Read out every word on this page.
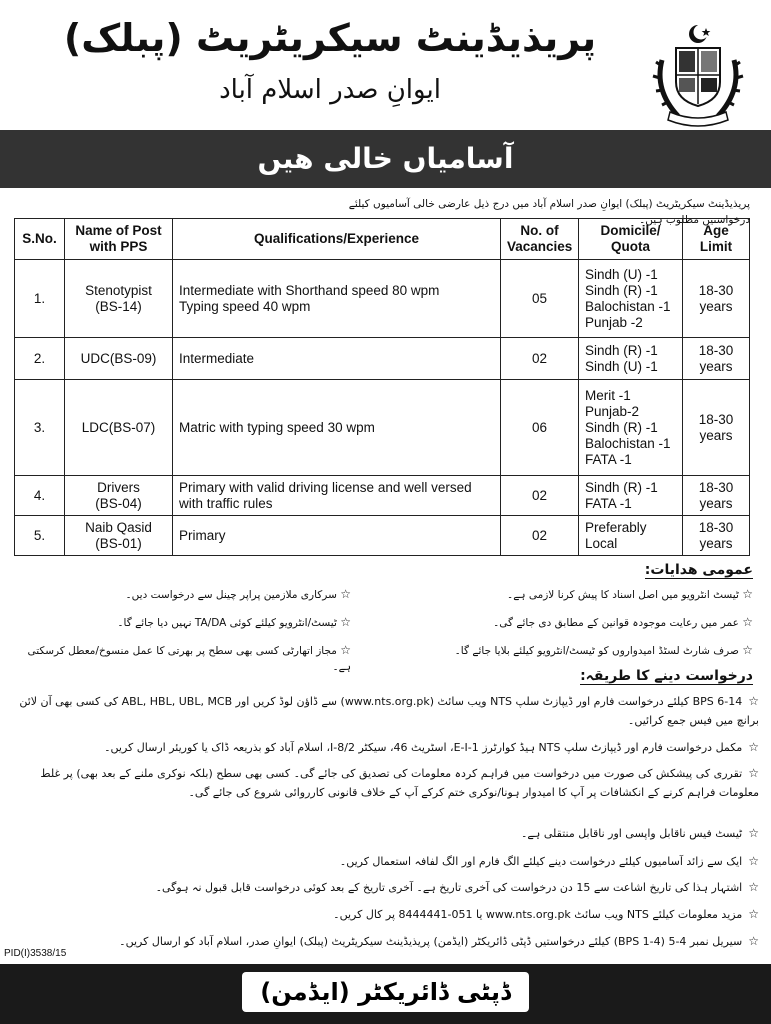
پریذیڈینٹ سیکریٹریٹ (پبلک)
ایوانِ صدر اسلام آباد
آسامیاں خالی ھیں
پریذیڈینٹ سیکریٹریٹ (پبلک) ایوانِ صدر اسلام آباد میں درج ذیل عارضی خالی آسامیوں کیلئے درخواستیں مطلوب ہیں۔
S.No.	Name of Post with PPS	Qualifications/Experience	No. of Vacancies	Domicile/ Quota	Age Limit
1.	Stenotypist
(BS-14)	Intermediate with Shorthand speed 80 wpm
Typing speed 40 wpm	05	Sindh (U) -1
Sindh (R) -1
Balochistan -1
Punjab -2	18-30
years
2.	UDC(BS-09)	Intermediate	02	Sindh (R) -1
Sindh (U) -1	18-30
years
3.	LDC(BS-07)	Matric with typing speed 30 wpm	06	Merit -1
Punjab-2
Sindh (R) -1
Balochistan -1
FATA -1	18-30
years
4.	Drivers
(BS-04)	Primary with valid driving license and well versed
with traffic rules	02	Sindh (R) -1
FATA -1	18-30
years
5.	Naib Qasid
(BS-01)	Primary	02	Preferably
Local	18-30
years
عمومی ھدایات:
☆ ٹیسٹ انٹرویو میں اصل اسناد کا پیش کرنا لازمی ہے۔
☆ سرکاری ملازمین پراپر چینل سے درخواست دیں۔
☆ عمر میں رعایت موجودہ قوانین کے مطابق دی جائے گی۔
☆ ٹیسٹ/انٹرویو کیلئے کوئی TA/DA نہیں دیا جائے گا۔
☆ صرف شارٹ لسٹڈ امیدواروں کو ٹیسٹ/انٹرویو کیلئے بلایا جائے گا۔
☆ مجاز اتھارٹی کسی بھی سطح پر بھرتی کا عمل منسوخ/معطل کرسکتی ہے۔
درخواست دینے کا طریقہ:
☆BPS 6-14 کیلئے درخواست فارم اور ڈیپازٹ سلپ NTS ویب سائٹ (www.nts.org.pk) سے ڈاؤن لوڈ کریں اور ABL, HBL, UBL, MCB کی کسی بھی آن لائن برانچ میں فیس جمع کرائیں۔
☆مکمل درخواست فارم اور ڈیپازٹ سلپ NTS ہیڈ کوارٹرز 1-E-I، اسٹریٹ 46، سیکٹر 8/2-I، اسلام آباد کو بذریعہ ڈاک یا کوریئر ارسال کریں۔
☆تقرری کی پیشکش کی صورت میں درخواست میں فراہم کردہ معلومات کی تصدیق کی جائے گی۔ کسی بھی سطح (بلکہ نوکری ملنے کے بعد بھی) پر غلط معلومات فراہم کرنے کے انکشافات پر آپ کا امیدوار ہونا/نوکری ختم کرکے آپ کے خلاف قانونی کارروائی شروع کی جائے گی۔
☆ٹیسٹ فیس ناقابل واپسی اور ناقابل منتقلی ہے۔
☆ایک سے زائد آسامیوں کیلئے درخواست دینے کیلئے الگ فارم اور الگ لفافہ استعمال کریں۔
☆اشتہار ہذا کی تاریخ اشاعت سے 15 دن درخواست کی آخری تاریخ ہے۔ آخری تاریخ کے بعد کوئی درخواست قابل قبول نہ ہوگی۔
☆مزید معلومات کیلئے NTS ویب سائٹ www.nts.org.pk یا 051-8444441 پر کال کریں۔
☆سیریل نمبر 4-5 (BPS 1-4) کیلئے درخواستیں ڈپٹی ڈائریکٹر (ایڈمن) پریذیڈینٹ سیکریٹریٹ (پبلک) ایوانِ صدر، اسلام آباد کو ارسال کریں۔
PID(I)3538/15
ڈپٹی ڈائریکٹر (ایڈمن)
